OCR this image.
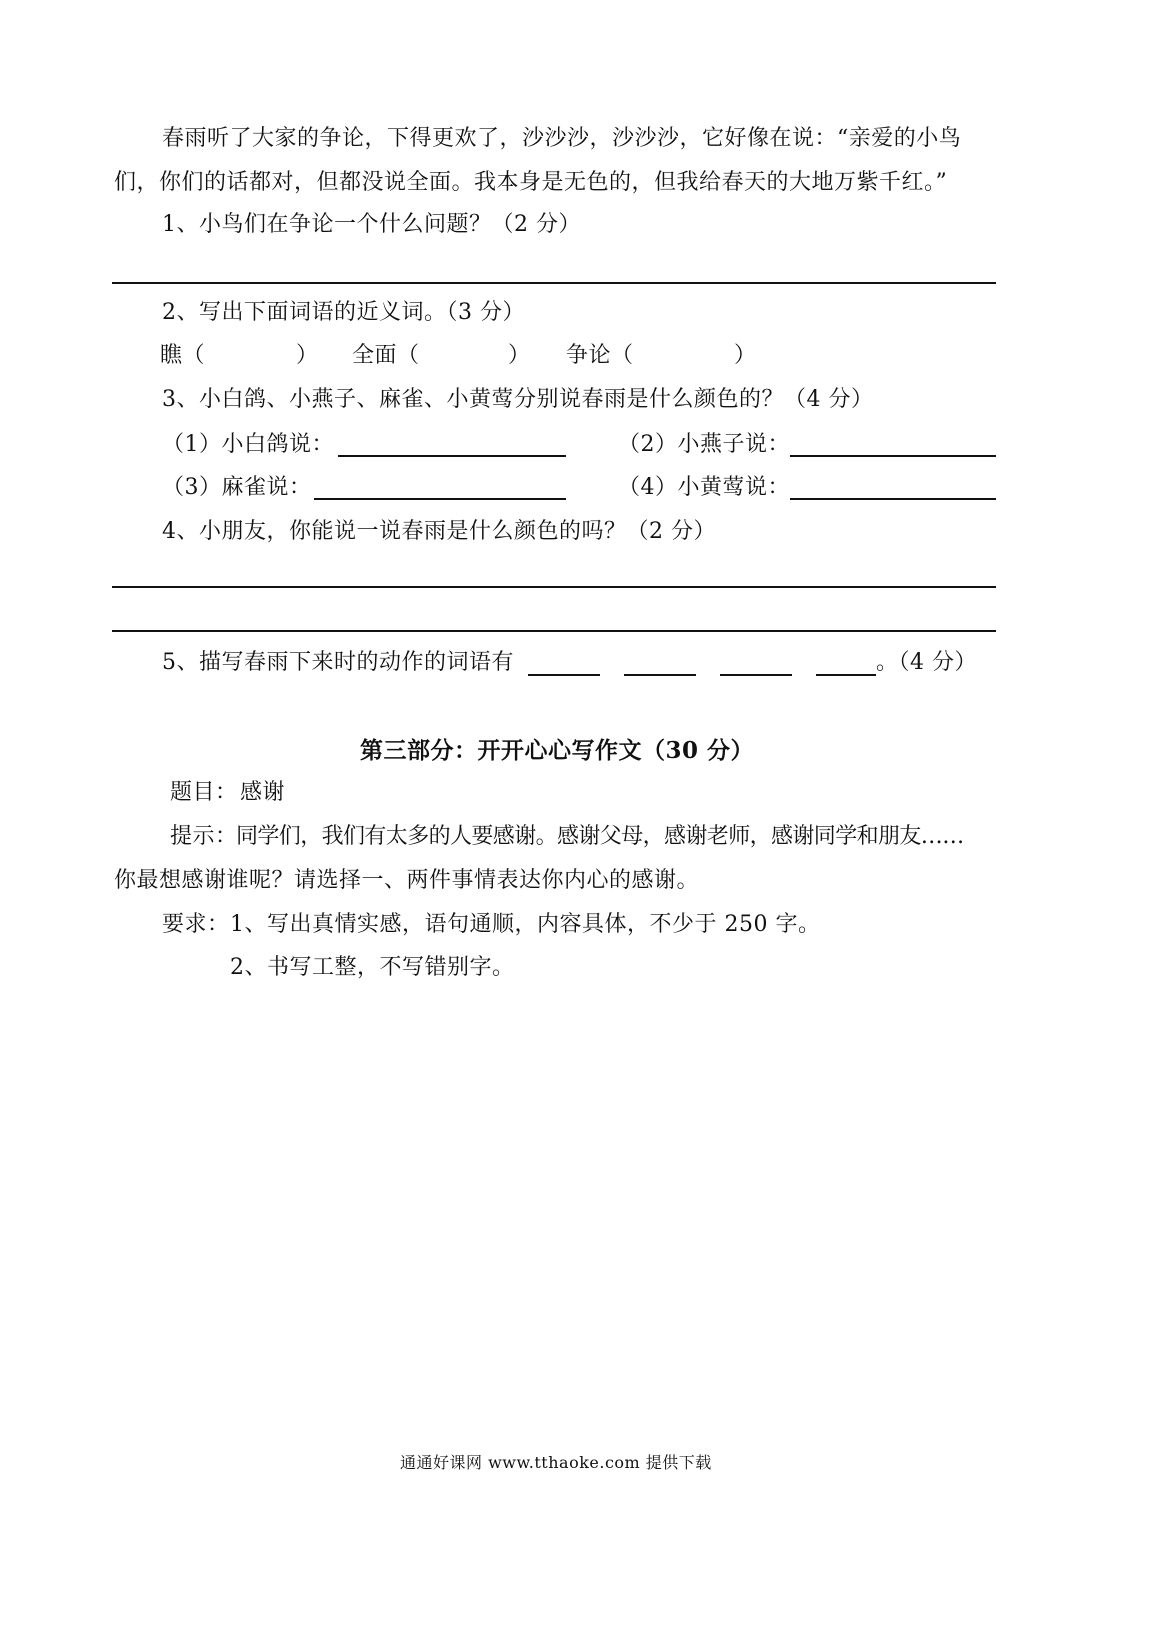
春雨听了大家的争论，下得更欢了，沙沙沙，沙沙沙，它好像在说：“亲爱的小鸟
们，你们的话都对，但都没说全面。我本身是无色的，但我给春天的大地万紫千红。”
1、小鸟们在争论一个什么问题？（2 分）
2、写出下面词语的近义词。（3 分）
瞧（	） 全面（	） 争论（	）
3、小白鸽、小燕子、麻雀、小黄莺分别说春雨是什么颜色的？（4 分）
（1）小白鸽说：	（2）小燕子说：
（3）麻雀说：	（4）小黄莺说：
4、小朋友，你能说一说春雨是什么颜色的吗？（2 分）
5、描写春雨下来时的动作的词语有	。（4 分）
第三部分：开开心心写作文（30 分）
题目： 感谢
提示：
同学们，我们有太多的人要感谢。感谢父母，感谢老师，感谢同学和朋友……
你最想感谢谁呢？请选择一、两件事情表达你内心的感谢。
要求： 1、写出真情实感，语句通顺，内容具体，不少于 250 字。
2、书写工整，不写错别字。
通通好课网 www.tthaoke.com 提供下载
